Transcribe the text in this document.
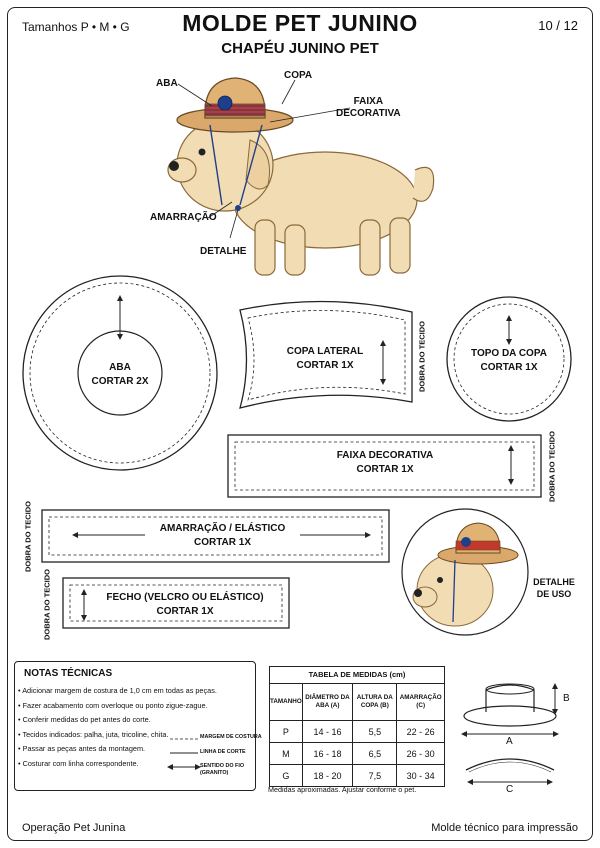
Tamanhos P • M • G	10 / 12
MOLDE PET JUNINO
CHAPÉU JUNINO PET
ABA
COPA
FAIXA
DECORATIVA
AMARRAÇÃO
DETALHE
ABA
CORTAR 2X
COPA LATERAL
CORTAR 1X
TOPO DA COPA
CORTAR 1X
FAIXA DECORATIVA
CORTAR 1X
AMARRAÇÃO / ELÁSTICO
CORTAR 1X
FECHO (VELCRO OU ELÁSTICO)
CORTAR 1X
DETALHE
DE USO
DOBRA DO TECIDO
DOBRA DO TECIDO
DOBRA DO TECIDO
DOBRA DO TECIDO
NOTAS TÉCNICAS
• Adicionar margem de costura de 1,0 cm em todas as peças.
• Fazer acabamento com overloque ou ponto zigue-zague.
• Conferir medidas do pet antes do corte.
• Tecidos indicados: palha, juta, tricoline, chita.
• Passar as peças antes da montagem.
• Costurar com linha correspondente.
MARGEM DE COSTURA
LINHA DE CORTE
SENTIDO DO FIO
(GRANITO)
TABELA DE MEDIDAS (cm)			
TAMANHO	DIÂMETRO DA ABA (A)	ALTURA DA COPA (B)	AMARRAÇÃO (C)
P	14 - 16	5,5	22 - 26
M	16 - 18	6,5	26 - 30
G	18 - 20	7,5	30 - 34
Medidas aproximadas. Ajustar conforme o pet.
A
B
C
Operação Pet Junina	Molde técnico para impressão
